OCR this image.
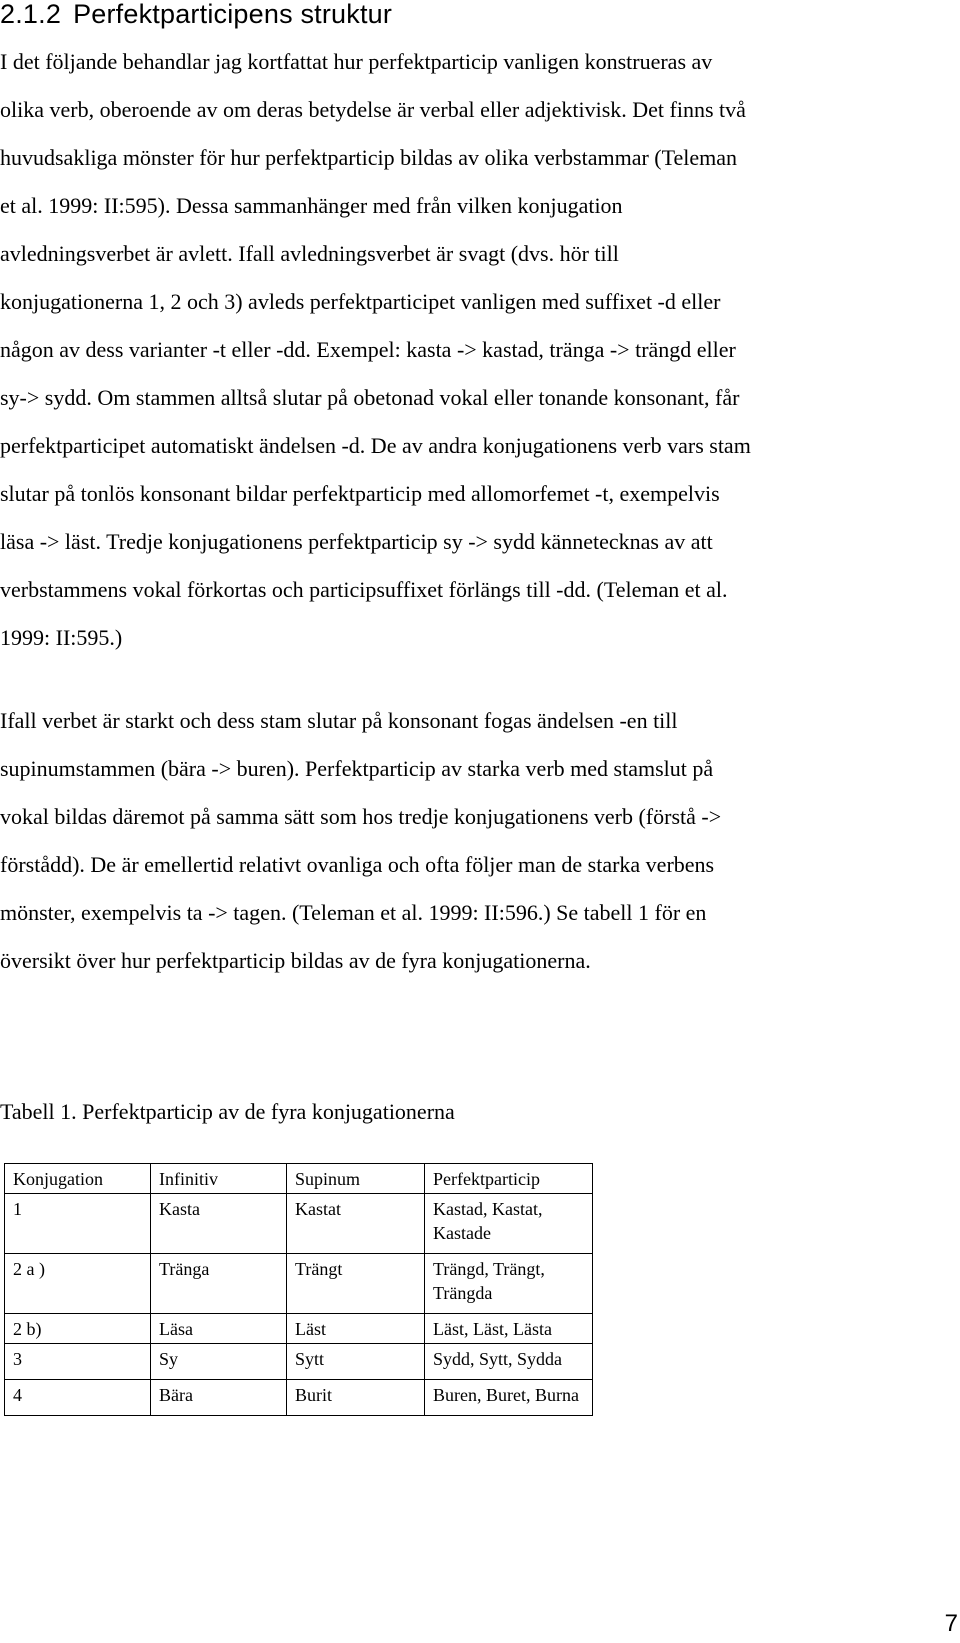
2.1.2 Perfektparticipens struktur
I det följande behandlar jag kortfattat hur perfektparticip vanligen konstrueras av
olika verb, oberoende av om deras betydelse är verbal eller adjektivisk. Det finns två
huvudsakliga mönster för hur perfektparticip bildas av olika verbstammar (Teleman
et al. 1999: II:595). Dessa sammanhänger med från vilken konjugation
avledningsverbet är avlett. Ifall avledningsverbet är svagt (dvs. hör till
konjugationerna 1, 2 och 3) avleds perfektparticipet vanligen med suffixet -d eller
någon av dess varianter -t eller -dd. Exempel: kasta -> kastad, tränga -> trängd eller
sy-> sydd. Om stammen alltså slutar på obetonad vokal eller tonande konsonant, får
perfektparticipet automatiskt ändelsen -d. De av andra konjugationens verb vars stam
slutar på tonlös konsonant bildar perfektparticip med allomorfemet -t, exempelvis
läsa -> läst. Tredje konjugationens perfektparticip sy -> sydd kännetecknas av att
verbstammens vokal förkortas och participsuffixet förlängs till -dd. (Teleman et al.
1999: II:595.)
Ifall verbet är starkt och dess stam slutar på konsonant fogas ändelsen -en till
supinumstammen (bära -> buren). Perfektparticip av starka verb med stamslut på
vokal bildas däremot på samma sätt som hos tredje konjugationens verb (förstå ->
förstådd). De är emellertid relativt ovanliga och ofta följer man de starka verbens
mönster, exempelvis ta -> tagen. (Teleman et al. 1999: II:596.) Se tabell 1 för en
översikt över hur perfektparticip bildas av de fyra konjugationerna.

Tabell 1. Perfektparticip av de fyra konjugationerna

Konjugation	Infinitiv	Supinum	Perfektparticip
1	Kasta	Kastat	Kastad, Kastat, Kastade
2 a )	Tränga	Trängt	Trängd, Trängt, Trängda
2 b)	Läsa	Läst	Läst, Läst, Lästa
3	Sy	Sytt	Sydd, Sytt, Sydda
4	Bära	Burit	Buren, Buret, Burna

7
